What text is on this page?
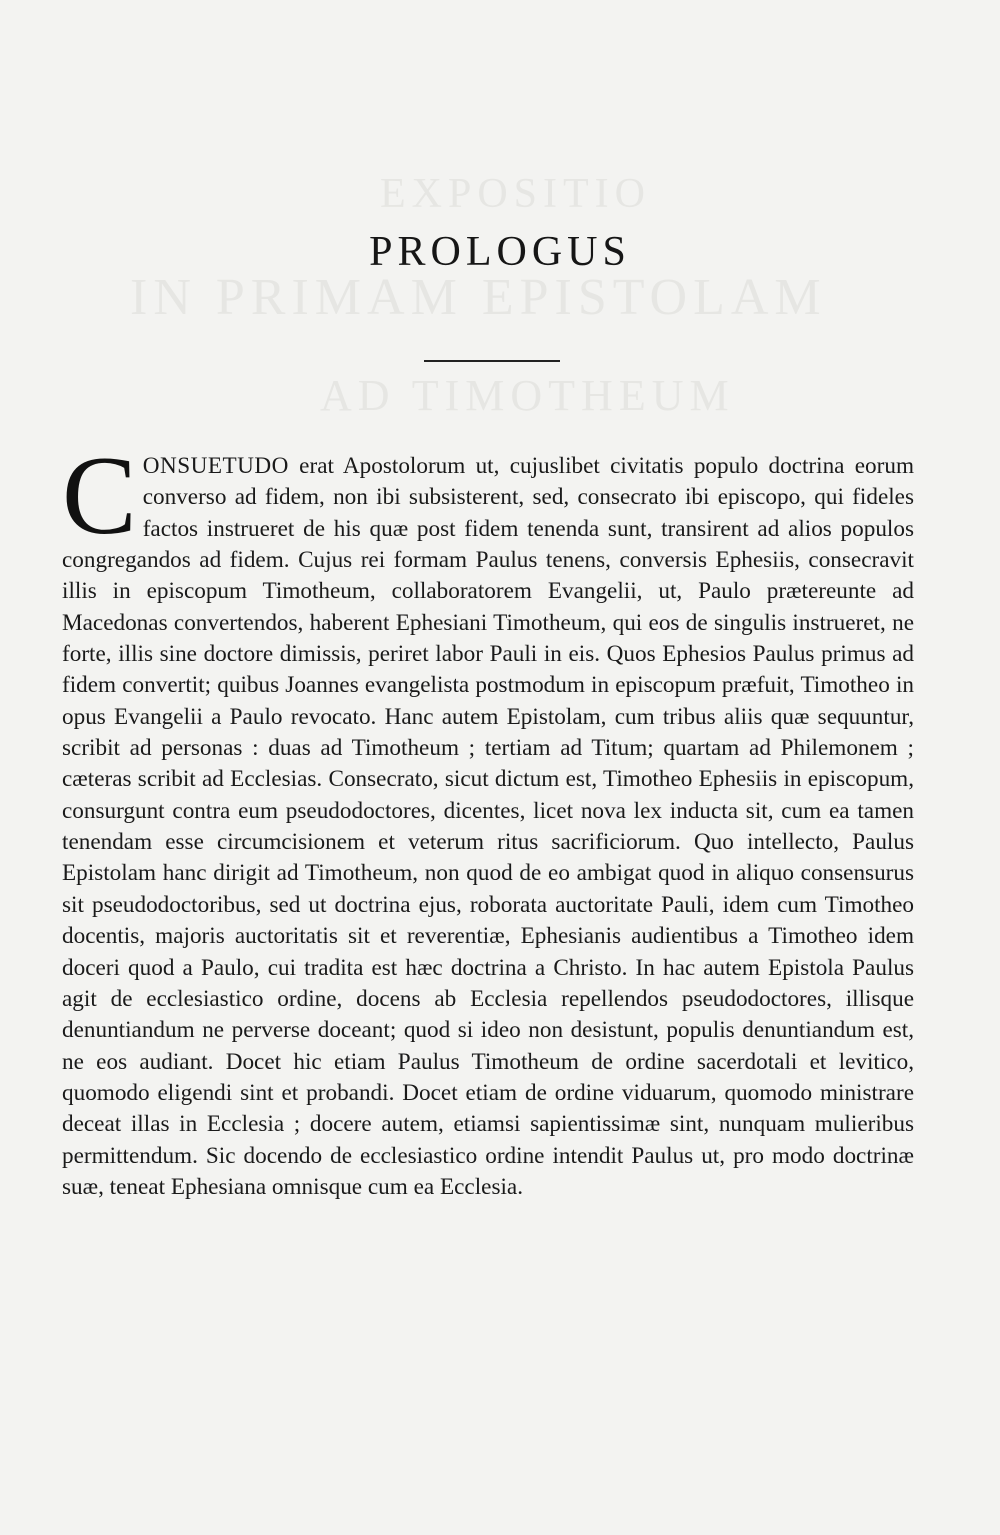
EXPOSITIO
IN PRIMAM EPISTOLAM
AD TIMOTHEUM
PROLOGUS

CONSUETUDO erat Apostolorum ut, cujuslibet civitatis populo doctrina eorum converso ad fidem, non ibi subsisterent, sed, consecrato ibi episcopo, qui fideles factos instrueret de his quæ post fidem tenenda sunt, transirent ad alios populos congregandos ad fidem. Cujus rei formam Paulus tenens, conversis Ephesiis, consecravit illis in episcopum Timotheum, collaboratorem Evangelii, ut, Paulo prætereunte ad Macedonas convertendos, haberent Ephesiani Timotheum, qui eos de singulis instrueret, ne forte, illis sine doctore dimissis, periret labor Pauli in eis. Quos Ephesios Paulus primus ad fidem convertit; quibus Joannes evangelista postmodum in episcopum præfuit, Timotheo in opus Evangelii a Paulo revocato. Hanc autem Epistolam, cum tribus aliis quæ sequuntur, scribit ad personas : duas ad Timotheum ; tertiam ad Titum; quartam ad Philemonem ; cæteras scribit ad Ecclesias. Consecrato, sicut dictum est, Timotheo Ephesiis in episcopum, consurgunt contra eum pseudodoctores, dicentes, licet nova lex inducta sit, cum ea tamen tenendam esse circumcisionem et veterum ritus sacrificiorum. Quo intellecto, Paulus Epistolam hanc dirigit ad Timotheum, non quod de eo ambigat quod in aliquo consensurus sit pseudodoctoribus, sed ut doctrina ejus, roborata auctoritate Pauli, idem cum Timotheo docentis, majoris auctoritatis sit et reverentiæ, Ephesianis audientibus a Timotheo idem doceri quod a Paulo, cui tradita est hæc doctrina a Christo. In hac autem Epistola Paulus agit de ecclesiastico ordine, docens ab Ecclesia repellendos pseudodoctores, illisque denuntiandum ne perverse doceant; quod si ideo non desistunt, populis denuntiandum est, ne eos audiant. Docet hic etiam Paulus Timotheum de ordine sacerdotali et levitico, quomodo eligendi sint et probandi. Docet etiam de ordine viduarum, quomodo ministrare deceat illas in Ecclesia ; docere autem, etiamsi sapientissimæ sint, nunquam mulieribus permittendum. Sic docendo de ecclesiastico ordine intendit Paulus ut, pro modo doctrinæ suæ, teneat Ephesiana omnisque cum ea Ecclesia.
